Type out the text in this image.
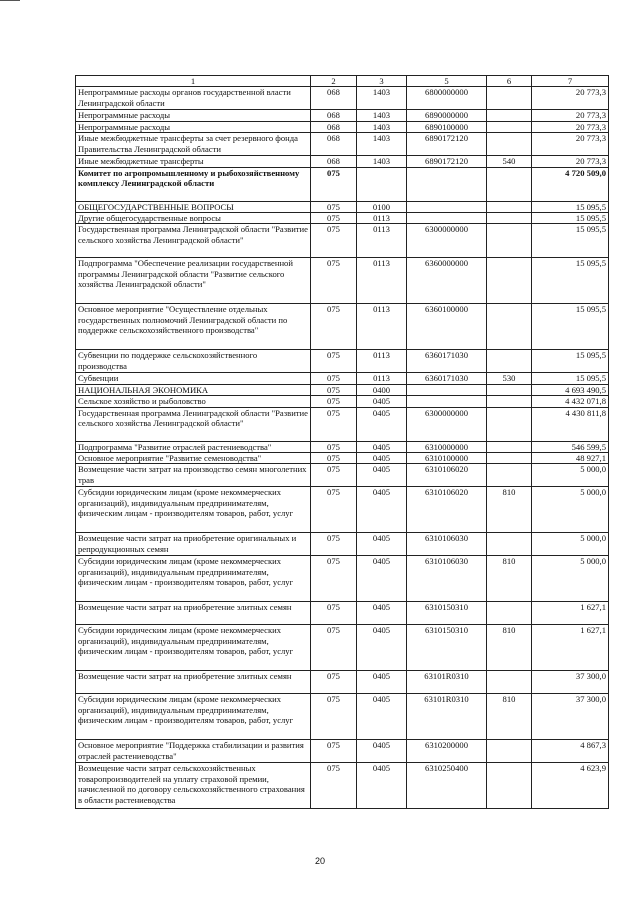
1	2	3	5	6	7
Непрограммные расходы органов государственной власти Ленинградской области	068	1403	6800000000		20 773,3
Непрограммные расходы	068	1403	6890000000		20 773,3
Непрограммные расходы	068	1403	6890100000		20 773,3
Иные межбюджетные трансферты за счет резервного фонда Правительства Ленинградской области	068	1403	6890172120		20 773,3
Иные межбюджетные трансферты	068	1403	6890172120	540	20 773,3
Комитет по агропромышленному и рыбохозяйственному комплексу Ленинградской области	075				4 720 509,0
ОБЩЕГОСУДАРСТВЕННЫЕ ВОПРОСЫ	075	0100			15 095,5
Другие общегосударственные вопросы	075	0113			15 095,5
Государственная программа Ленинградской области "Развитие сельского хозяйства Ленинградской области"	075	0113	6300000000		15 095,5
Подпрограмма "Обеспечение реализации государственной программы Ленинградской области "Развитие сельского хозяйства Ленинградской области"	075	0113	6360000000		15 095,5
Основное мероприятие "Осуществление отдельных государственных полномочий Ленинградской области по поддержке сельскохозяйственного производства"	075	0113	6360100000		15 095,5
Субвенции по поддержке сельскохозяйственного производства	075	0113	6360171030		15 095,5
Субвенции	075	0113	6360171030	530	15 095,5
НАЦИОНАЛЬНАЯ ЭКОНОМИКА	075	0400			4 693 490,5
Сельское хозяйство и рыболовство	075	0405			4 432 071,8
Государственная программа Ленинградской области "Развитие сельского хозяйства Ленинградской области"	075	0405	6300000000		4 430 811,8
Подпрограмма "Развитие отраслей растениеводства"	075	0405	6310000000		546 599,5
Основное мероприятие "Развитие семеноводства"	075	0405	6310100000		48 927,1
Возмещение части затрат на производство семян многолетних трав	075	0405	6310106020		5 000,0
Субсидии юридическим лицам (кроме некоммерческих организаций), индивидуальным предпринимателям, физическим лицам - производителям товаров, работ, услуг	075	0405	6310106020	810	5 000,0
Возмещение части затрат на приобретение оригинальных и репродукционных семян	075	0405	6310106030		5 000,0
Субсидии юридическим лицам (кроме некоммерческих организаций), индивидуальным предпринимателям, физическим лицам - производителям товаров, работ, услуг	075	0405	6310106030	810	5 000,0
Возмещение части затрат на приобретение элитных семян	075	0405	6310150310		1 627,1
Субсидии юридическим лицам (кроме некоммерческих организаций), индивидуальным предпринимателям, физическим лицам - производителям товаров, работ, услуг	075	0405	6310150310	810	1 627,1
Возмещение части затрат на приобретение элитных семян	075	0405	63101R0310		37 300,0
Субсидии юридическим лицам (кроме некоммерческих организаций), индивидуальным предпринимателям, физическим лицам - производителям товаров, работ, услуг	075	0405	63101R0310	810	37 300,0
Основное мероприятие "Поддержка стабилизации и развития отраслей растениеводства"	075	0405	6310200000		4 867,3
Возмещение части затрат сельскохозяйственных товаропроизводителей на уплату страховой премии, начисленной по договору сельскохозяйственного страхования в области растениеводства	075	0405	6310250400		4 623,9
20
